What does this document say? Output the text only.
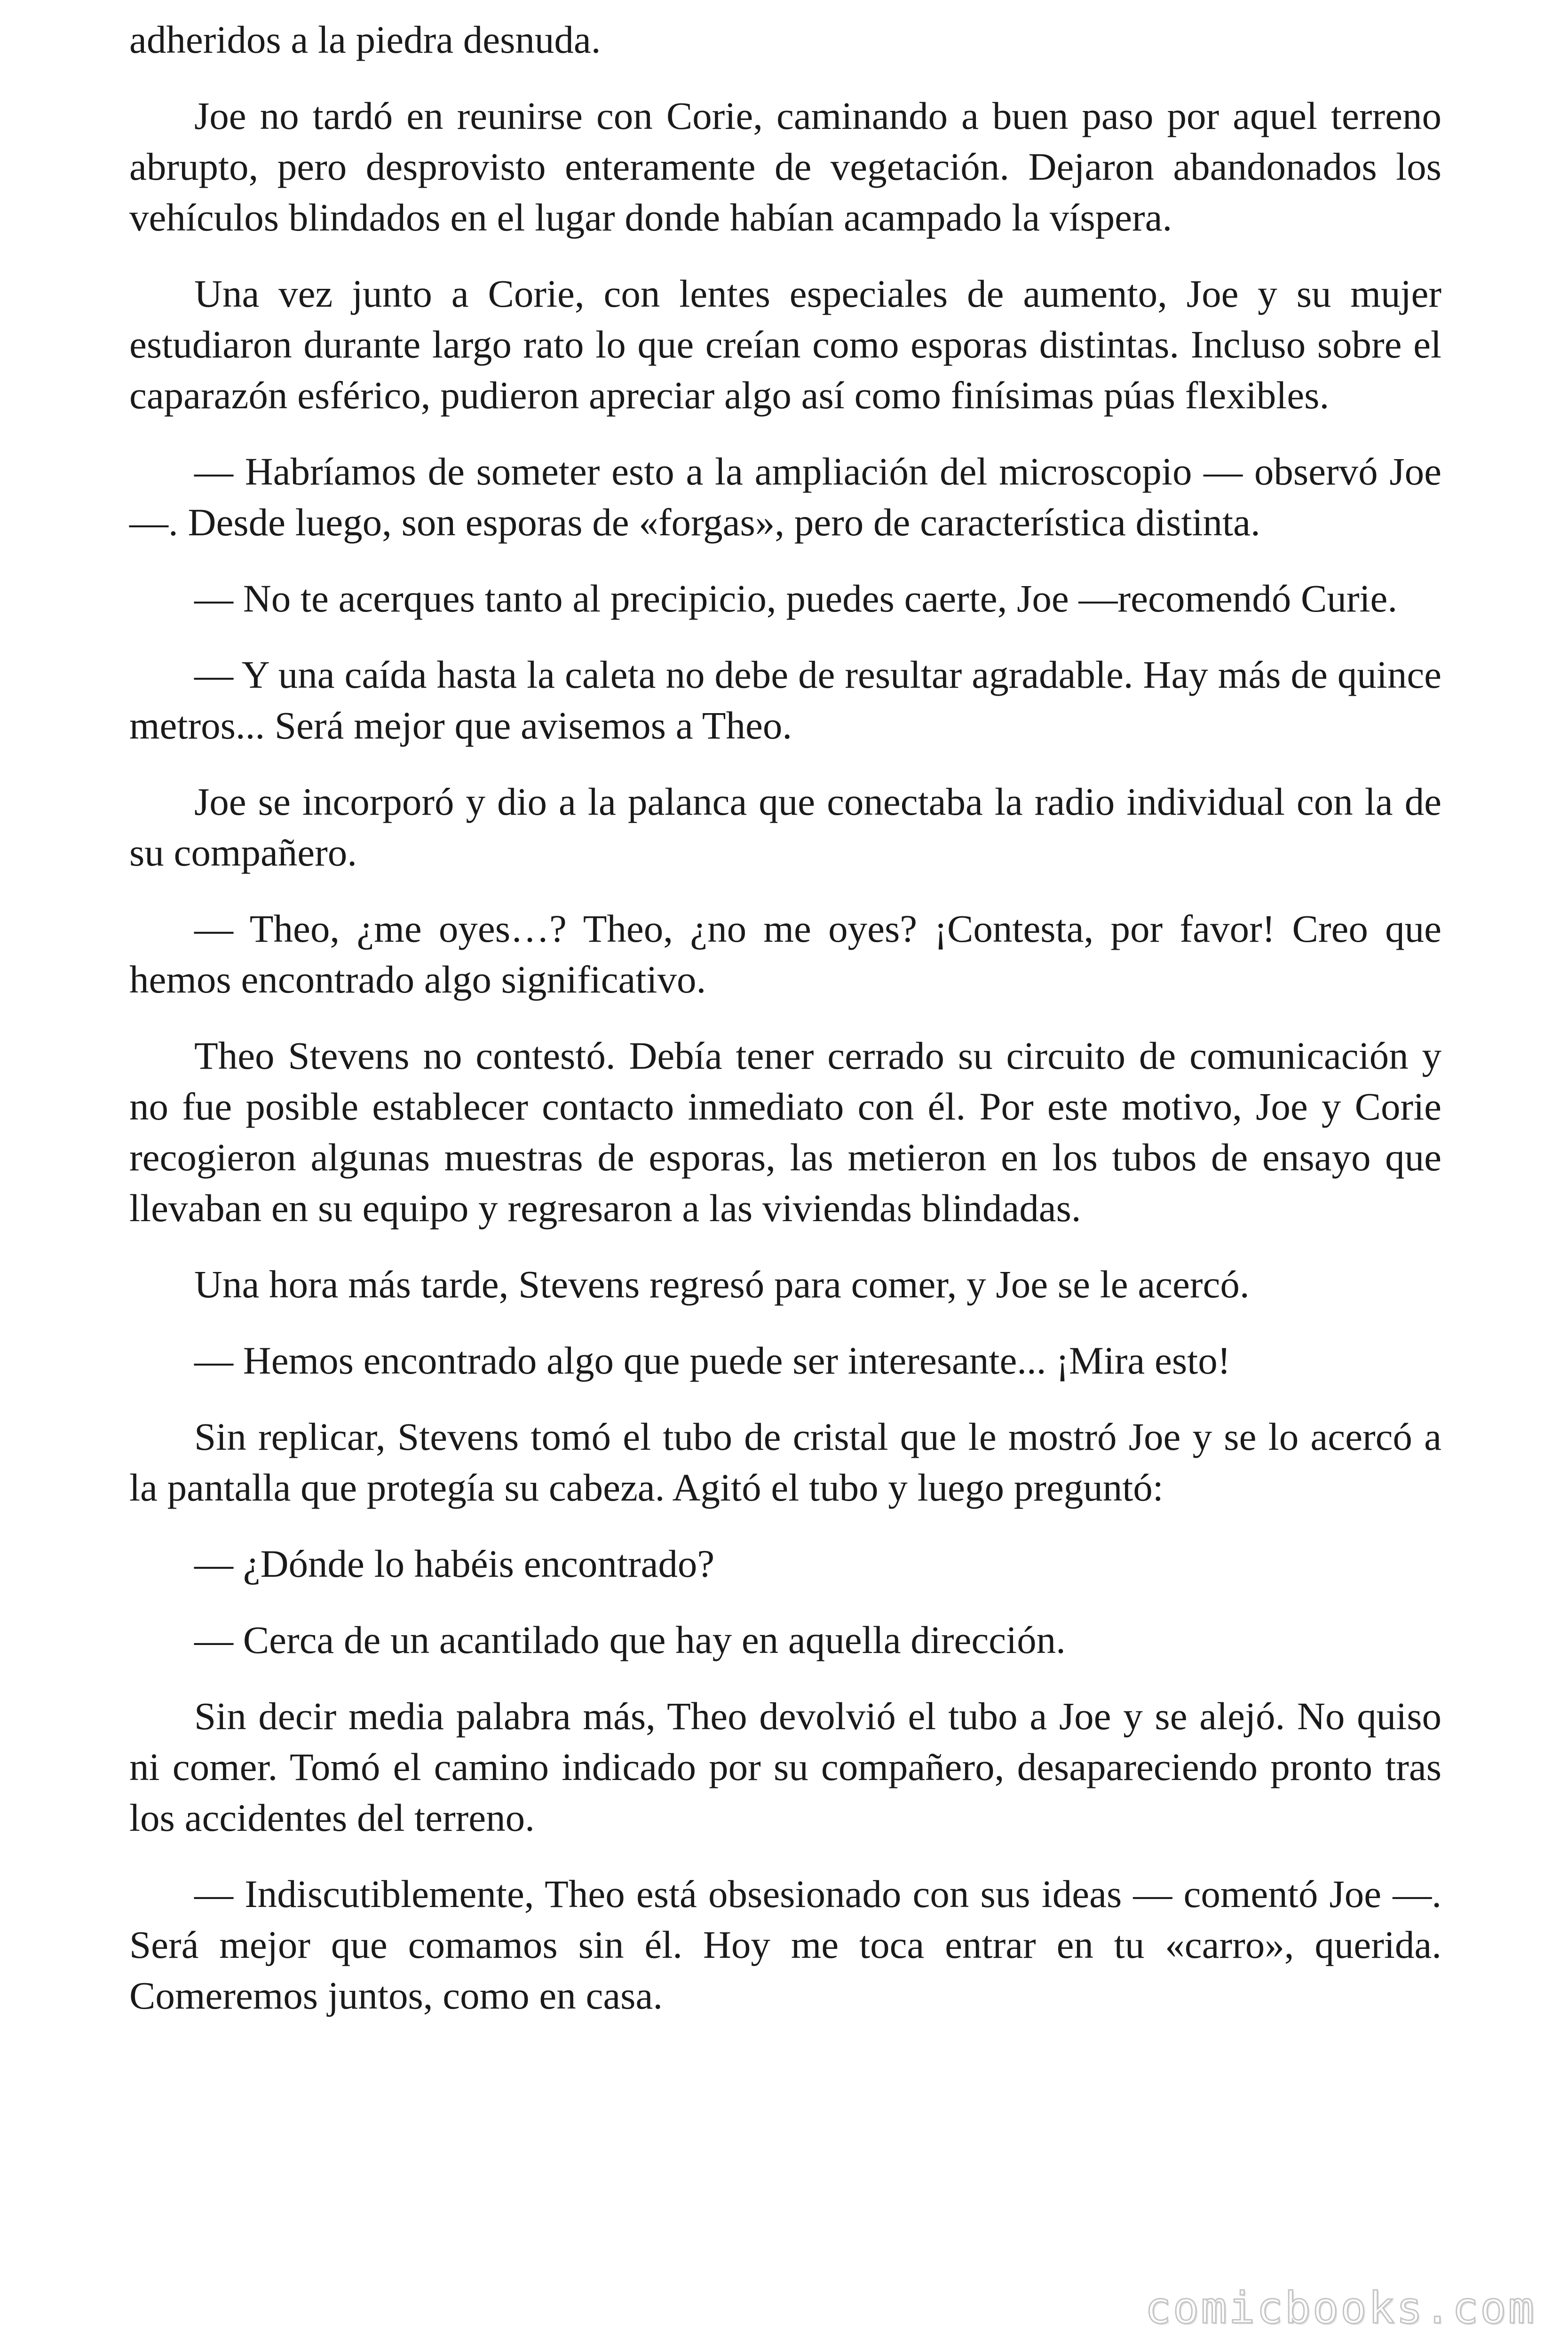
adheridos a la piedra desnuda.

Joe no tardó en reunirse con Corie, caminando a buen paso por aquel terreno abrupto, pero desprovisto enteramente de vegetación. Dejaron abandonados los vehículos blindados en el lugar donde habían acampado la víspera.

Una vez junto a Corie, con lentes especiales de aumento, Joe y su mujer estudiaron durante largo rato lo que creían como esporas distintas. Incluso sobre el caparazón esférico, pudieron apreciar algo así como finísimas púas flexibles.

— Habríamos de someter esto a la ampliación del microscopio — observó Joe—. Desde luego, son esporas de «forgas», pero de característica distinta.

— No te acerques tanto al precipicio, puedes caerte, Joe —recomendó Curie.

— Y una caída hasta la caleta no debe de resultar agradable. Hay más de quince metros... Será mejor que avisemos a Theo.

Joe se incorporó y dio a la palanca que conectaba la radio individual con la de su compañero.

— Theo, ¿me oyes…? Theo, ¿no me oyes? ¡Contesta, por favor! Creo que hemos encontrado algo significativo.

Theo Stevens no contestó. Debía tener cerrado su circuito de comunicación y no fue posible establecer contacto inmediato con él. Por este motivo, Joe y Corie recogieron algunas muestras de esporas, las metieron en los tubos de ensayo que llevaban en su equipo y regresaron a las viviendas blindadas.

Una hora más tarde, Stevens regresó para comer, y Joe se le acercó.

— Hemos encontrado algo que puede ser interesante... ¡Mira esto!

Sin replicar, Stevens tomó el tubo de cristal que le mostró Joe y se lo acercó a la pantalla que protegía su cabeza. Agitó el tubo y luego preguntó:

— ¿Dónde lo habéis encontrado?

— Cerca de un acantilado que hay en aquella dirección.

Sin decir media palabra más, Theo devolvió el tubo a Joe y se alejó. No quiso ni comer. Tomó el camino indicado por su compañero, desapareciendo pronto tras los accidentes del terreno.

— Indiscutiblemente, Theo está obsesionado con sus ideas — comentó Joe —. Será mejor que comamos sin él. Hoy me toca entrar en tu «carro», querida. Comeremos juntos, como en casa.

comicbooks.com
